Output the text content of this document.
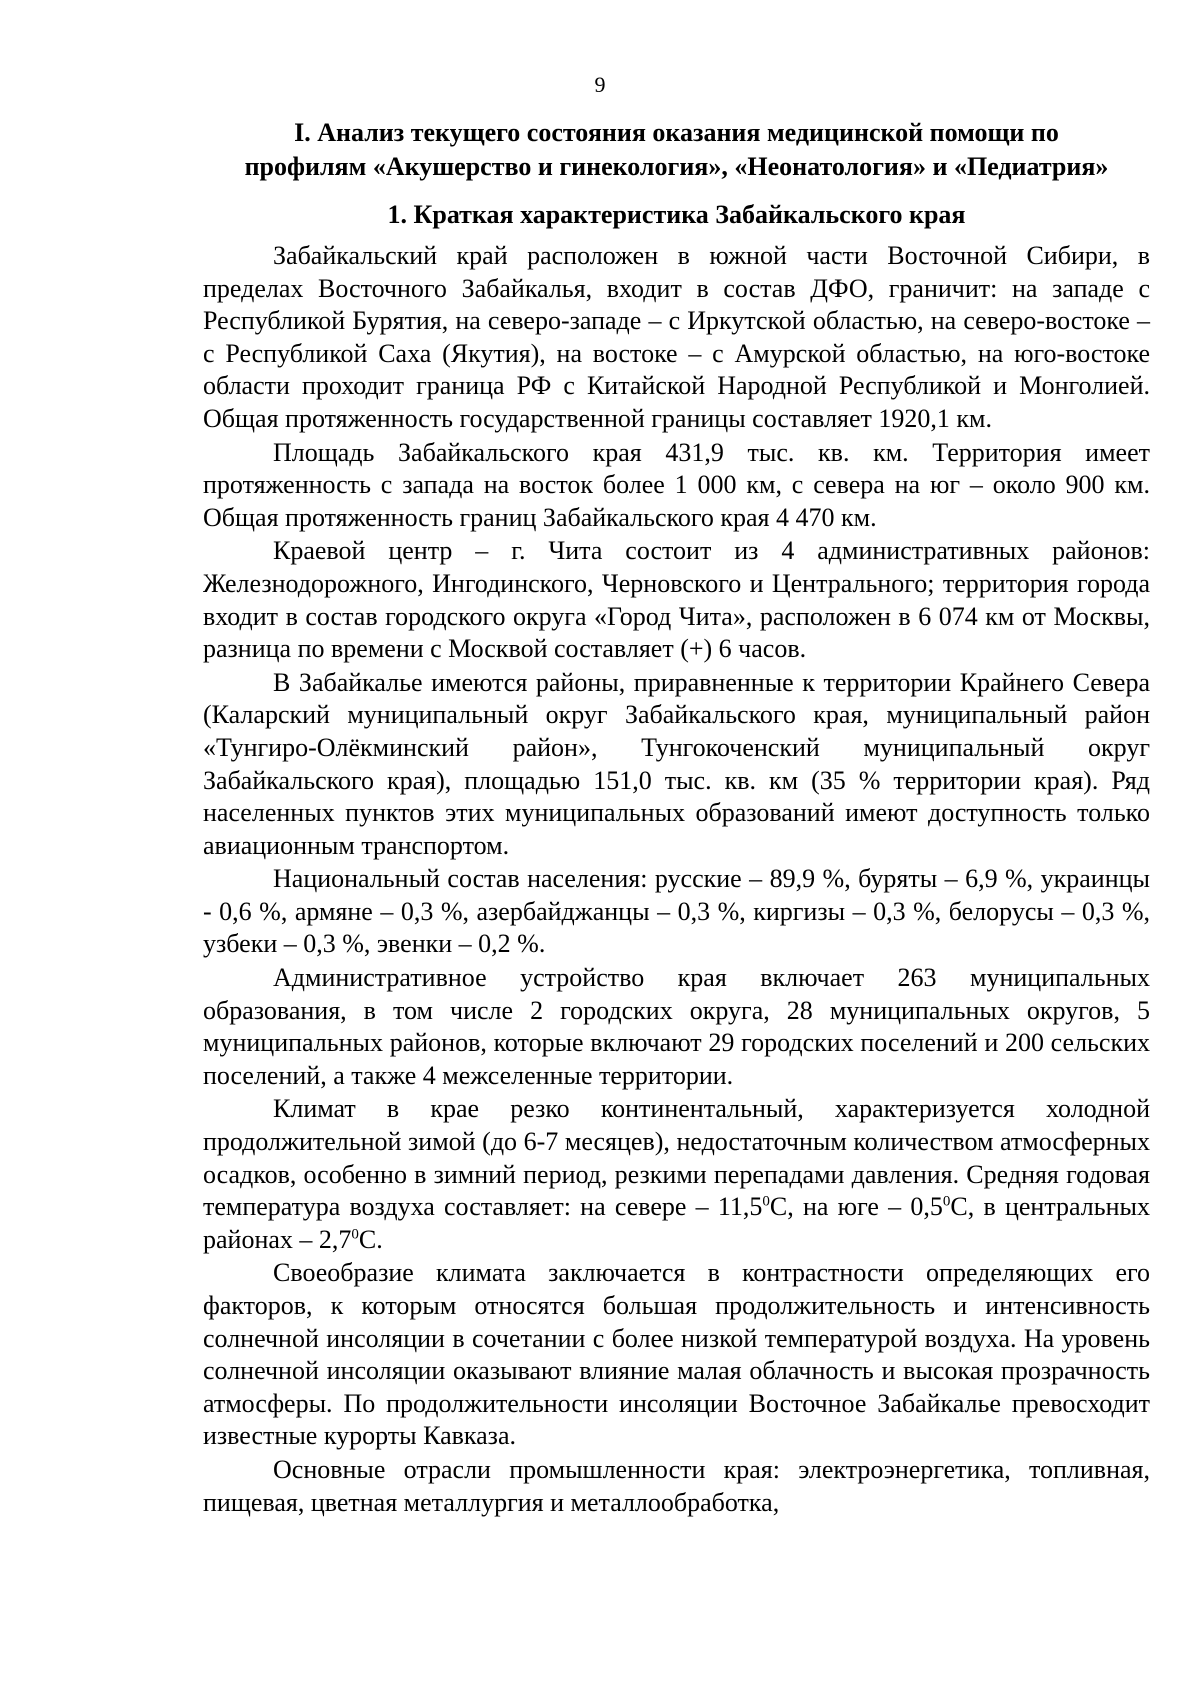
9
I. Анализ текущего состояния оказания медицинской помощи по
профилям «Акушерство и гинекология», «Неонатология» и «Педиатрия»
1. Краткая характеристика Забайкальского края

Забайкальский край расположен в южной части Восточной Сибири, в пределах Восточного Забайкалья, входит в состав ДФО, граничит: на западе с Республикой Бурятия, на северо-западе – с Иркутской областью, на северо-востоке – с Республикой Саха (Якутия), на востоке – с Амурской областью, на юго-востоке области проходит граница РФ с Китайской Народной Республикой и Монголией. Общая протяженность государственной границы составляет 1920,1 км.

Площадь Забайкальского края 431,9 тыс. кв. км. Территория имеет протяженность с запада на восток более 1 000 км, с севера на юг – около 900 км. Общая протяженность границ Забайкальского края 4 470 км.

Краевой центр – г. Чита состоит из 4 административных районов: Железнодорожного, Ингодинского, Черновского и Центрального; территория города входит в состав городского округа «Город Чита», расположен в 6 074 км от Москвы, разница по времени с Москвой составляет (+) 6 часов.

В Забайкалье имеются районы, приравненные к территории Крайнего Севера (Каларский муниципальный округ Забайкальского края, муниципальный район «Тунгиро-Олёкминский район», Тунгокоченский муниципальный округ Забайкальского края), площадью 151,0 тыс. кв. км (35 % территории края). Ряд населенных пунктов этих муниципальных образований имеют доступность только авиационным транспортом.

Национальный состав населения: русские – 89,9 %, буряты – 6,9 %, украинцы - 0,6 %, армяне – 0,3 %, азербайджанцы – 0,3 %, киргизы – 0,3 %, белорусы – 0,3 %, узбеки – 0,3 %, эвенки – 0,2 %.

Административное устройство края включает 263 муниципальных образования, в том числе 2 городских округа, 28 муниципальных округов, 5 муниципальных районов, которые включают 29 городских поселений и 200 сельских поселений, а также 4 межселенные территории.

Климат в крае резко континентальный, характеризуется холодной продолжительной зимой (до 6-7 месяцев), недостаточным количеством атмосферных осадков, особенно в зимний период, резкими перепадами давления. Средняя годовая температура воздуха составляет: на севере – 11,5$^0$С, на юге – $0,5^0С$, в центральных районах – $2,7^0С$.

Своеобразие климата заключается в контрастности определяющих его факторов, к которым относятся большая продолжительность и интенсивность солнечной инсоляции в сочетании с более низкой температурой воздуха. На уровень солнечной инсоляции оказывают влияние малая облачность и высокая прозрачность атмосферы. По продолжительности инсоляции Восточное Забайкалье превосходит известные курорты Кавказа.

Основные отрасли промышленности края: электроэнергетика, топливная, пищевая, цветная металлургия и металлообработка,
